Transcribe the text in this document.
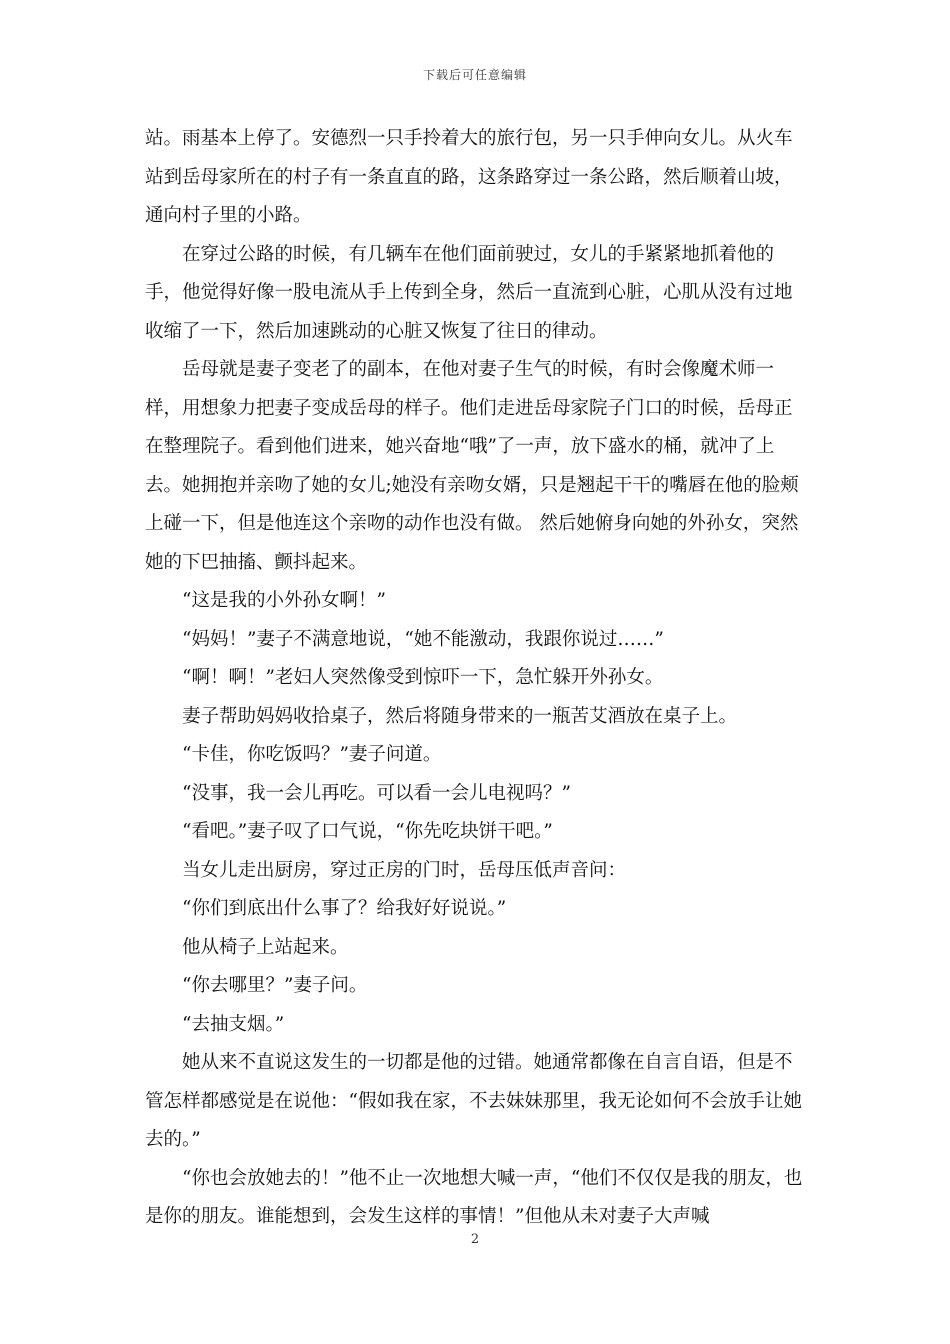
下载后可任意编辑

站。雨基本上停了。安德烈一只手拎着大的旅行包，另一只手伸向女儿。从火车站到岳母家所在的村子有一条直直的路，这条路穿过一条公路，然后顺着山坡，通向村子里的小路。

在穿过公路的时候，有几辆车在他们面前驶过，女儿的手紧紧地抓着他的手，他觉得好像一股电流从手上传到全身，然后一直流到心脏，心肌从没有过地收缩了一下，然后加速跳动的心脏又恢复了往日的律动。

岳母就是妻子变老了的副本，在他对妻子生气的时候，有时会像魔术师一样，用想象力把妻子变成岳母的样子。他们走进岳母家院子门口的时候，岳母正在整理院子。看到他们进来，她兴奋地“哦”了一声，放下盛水的桶，就冲了上去。她拥抱并亲吻了她的女儿;她没有亲吻女婿，只是翘起干干的嘴唇在他的脸颊上碰一下，但是他连这个亲吻的动作也没有做。 然后她俯身向她的外孙女，突然她的下巴抽搐、颤抖起来。

“这是我的小外孙女啊！”

“妈妈！”妻子不满意地说，“她不能激动，我跟你说过……”

“啊！啊！”老妇人突然像受到惊吓一下，急忙躲开外孙女。

妻子帮助妈妈收拾桌子，然后将随身带来的一瓶苦艾酒放在桌子上。

“卡佳，你吃饭吗？”妻子问道。

“没事，我一会儿再吃。可以看一会儿电视吗？”

“看吧。”妻子叹了口气说，“你先吃块饼干吧。”

当女儿走出厨房，穿过正房的门时，岳母压低声音问：

“你们到底出什么事了？给我好好说说。”

他从椅子上站起来。

“你去哪里？”妻子问。

“去抽支烟。”

她从来不直说这发生的一切都是他的过错。她通常都像在自言自语，但是不管怎样都感觉是在说他：“假如我在家，不去妹妹那里，我无论如何不会放手让她去的。”

“你也会放她去的！”他不止一次地想大喊一声，“他们不仅仅是我的朋友，也是你的朋友。谁能想到，会发生这样的事情！”但他从未对妻子大声喊

2
